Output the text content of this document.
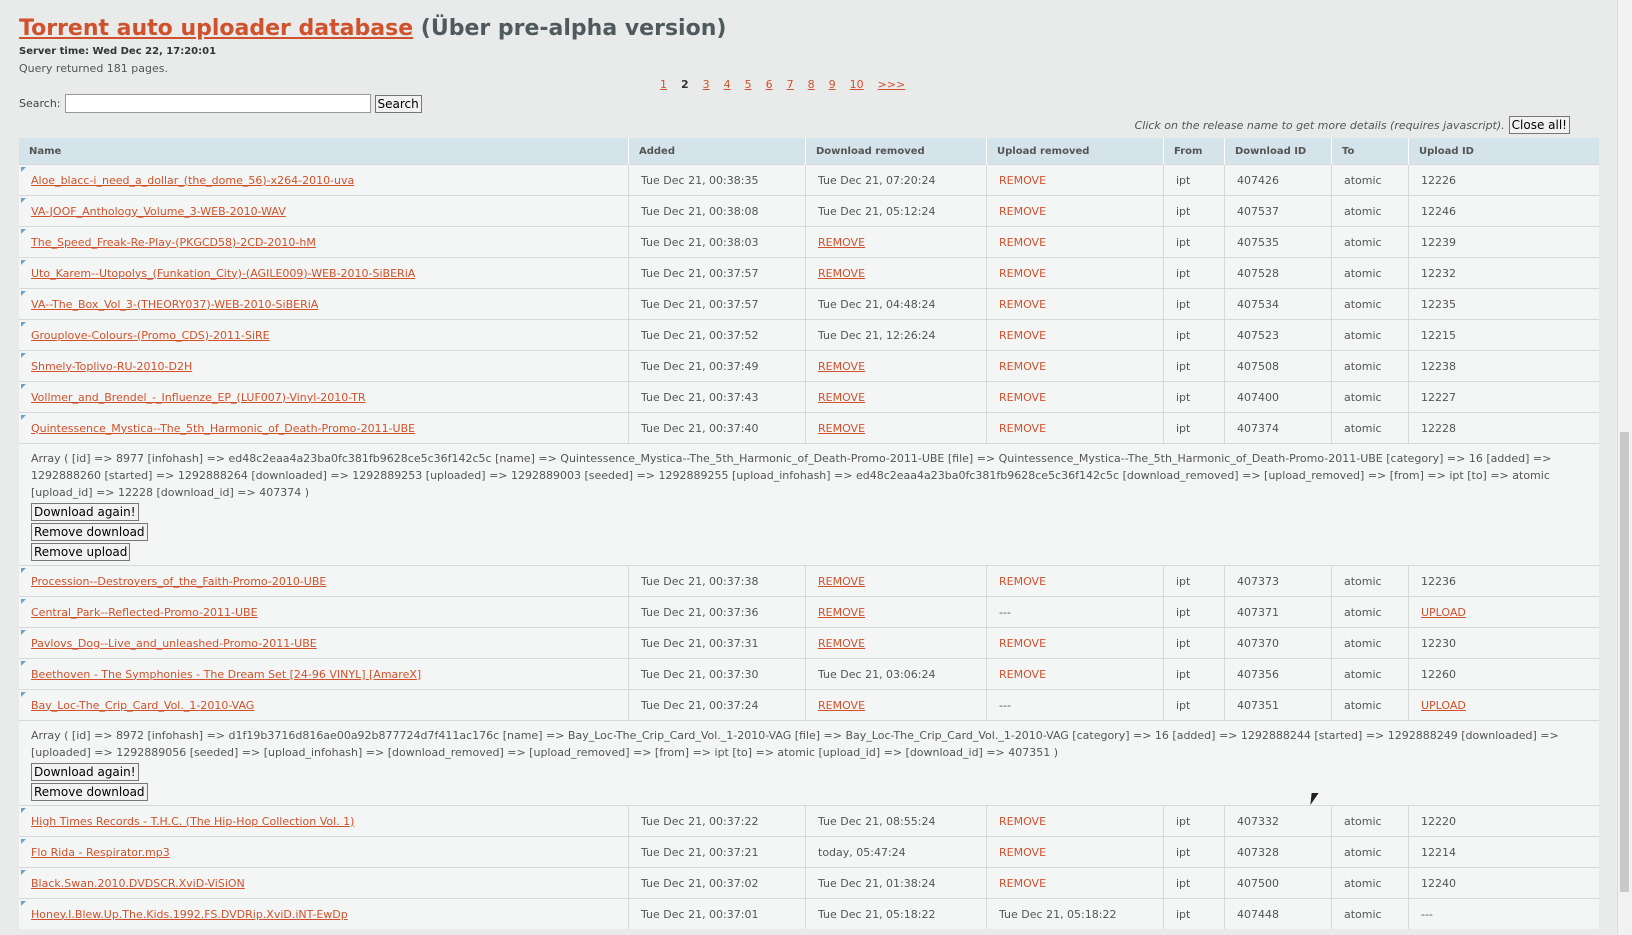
Torrent auto uploader database (Über pre-alpha version)
Server time: Wed Dec 22, 17:20:01
Query returned 181 pages.
1 2 3 4 5 6 7 8 9 10 >>>
Search:	Search
Click on the release name to get more details (requires javascript). Close all!
Name	Added	Download removed	Upload removed	From	Download ID	To	Upload ID
Aloe_blacc-i_need_a_dollar_(the_dome_56)-x264-2010-uva	Tue Dec 21, 00:38:35	Tue Dec 21, 07:20:24	REMOVE	ipt	407426	atomic	12226
VA-JOOF_Anthology_Volume_3-WEB-2010-WAV	Tue Dec 21, 00:38:08	Tue Dec 21, 05:12:24	REMOVE	ipt	407537	atomic	12246
The_Speed_Freak-Re-Play-(PKGCD58)-2CD-2010-hM	Tue Dec 21, 00:38:03	REMOVE	REMOVE	ipt	407535	atomic	12239
Uto_Karem--Utopolys_(Funkation_City)-(AGILE009)-WEB-2010-SiBERiA	Tue Dec 21, 00:37:57	REMOVE	REMOVE	ipt	407528	atomic	12232
VA--The_Box_Vol_3-(THEORY037)-WEB-2010-SiBERiA	Tue Dec 21, 00:37:57	Tue Dec 21, 04:48:24	REMOVE	ipt	407534	atomic	12235
Grouplove-Colours-(Promo_CDS)-2011-SiRE	Tue Dec 21, 00:37:52	Tue Dec 21, 12:26:24	REMOVE	ipt	407523	atomic	12215
Shmely-Toplivo-RU-2010-D2H	Tue Dec 21, 00:37:49	REMOVE	REMOVE	ipt	407508	atomic	12238
Vollmer_and_Brendel_-_Influenze_EP_(LUF007)-Vinyl-2010-TR	Tue Dec 21, 00:37:43	REMOVE	REMOVE	ipt	407400	atomic	12227
Quintessence_Mystica--The_5th_Harmonic_of_Death-Promo-2011-UBE	Tue Dec 21, 00:37:40	REMOVE	REMOVE	ipt	407374	atomic	12228

Array ( [id] => 8977 [infohash] => ed48c2eaa4a23ba0fc381fb9628ce5c36f142c5c [name] => Quintessence_Mystica--The_5th_Harmonic_of_Death-Promo-2011-UBE [file] => Quintessence_Mystica--The_5th_Harmonic_of_Death-Promo-2011-UBE [category] => 16 [added] => 1292888260 [started] => 1292888264 [downloaded] => 1292889253 [uploaded] => 1292889003 [seeded] => 1292889255 [upload_infohash] => ed48c2eaa4a23ba0fc381fb9628ce5c36f142c5c [download_removed] => [upload_removed] => [from] => ipt [to] => atomic [upload_id] => 12228 [download_id] => 407374 )
Download again!
Remove download
Remove upload							

Procession--Destroyers_of_the_Faith-Promo-2010-UBE	Tue Dec 21, 00:37:38	REMOVE	REMOVE	ipt	407373	atomic	12236
Central_Park--Reflected-Promo-2011-UBE	Tue Dec 21, 00:37:36	REMOVE	---	ipt	407371	atomic	UPLOAD
Pavlovs_Dog--Live_and_unleashed-Promo-2011-UBE	Tue Dec 21, 00:37:31	REMOVE	REMOVE	ipt	407370	atomic	12230
Beethoven - The Symphonies - The Dream Set [24-96 VINYL] [AmareX]	Tue Dec 21, 00:37:30	Tue Dec 21, 03:06:24	REMOVE	ipt	407356	atomic	12260
Bay_Loc-The_Crip_Card_Vol._1-2010-VAG	Tue Dec 21, 00:37:24	REMOVE	---	ipt	407351	atomic	UPLOAD

Array ( [id] => 8972 [infohash] => d1f19b3716d816ae00a92b877724d7f411ac176c [name] => Bay_Loc-The_Crip_Card_Vol._1-2010-VAG [file] => Bay_Loc-The_Crip_Card_Vol._1-2010-VAG [category] => 16 [added] => 1292888244 [started] => 1292888249 [downloaded] => [uploaded] => 1292889056 [seeded] => [upload_infohash] => [download_removed] => [upload_removed] => [from] => ipt [to] => atomic [upload_id] => [download_id] => 407351 )
Download again!
Remove download							

High Times Records - T.H.C. (The Hip-Hop Collection Vol. 1)	Tue Dec 21, 00:37:22	Tue Dec 21, 08:55:24	REMOVE	ipt	407332	atomic	12220
Flo Rida - Respirator.mp3	Tue Dec 21, 00:37:21	today, 05:47:24	REMOVE	ipt	407328	atomic	12214
Black.Swan.2010.DVDSCR.XviD-ViSiON	Tue Dec 21, 00:37:02	Tue Dec 21, 01:38:24	REMOVE	ipt	407500	atomic	12240
Honey.I.Blew.Up.The.Kids.1992.FS.DVDRip.XviD.iNT-EwDp	Tue Dec 21, 00:37:01	Tue Dec 21, 05:18:22	Tue Dec 21, 05:18:22	ipt	407448	atomic	---
